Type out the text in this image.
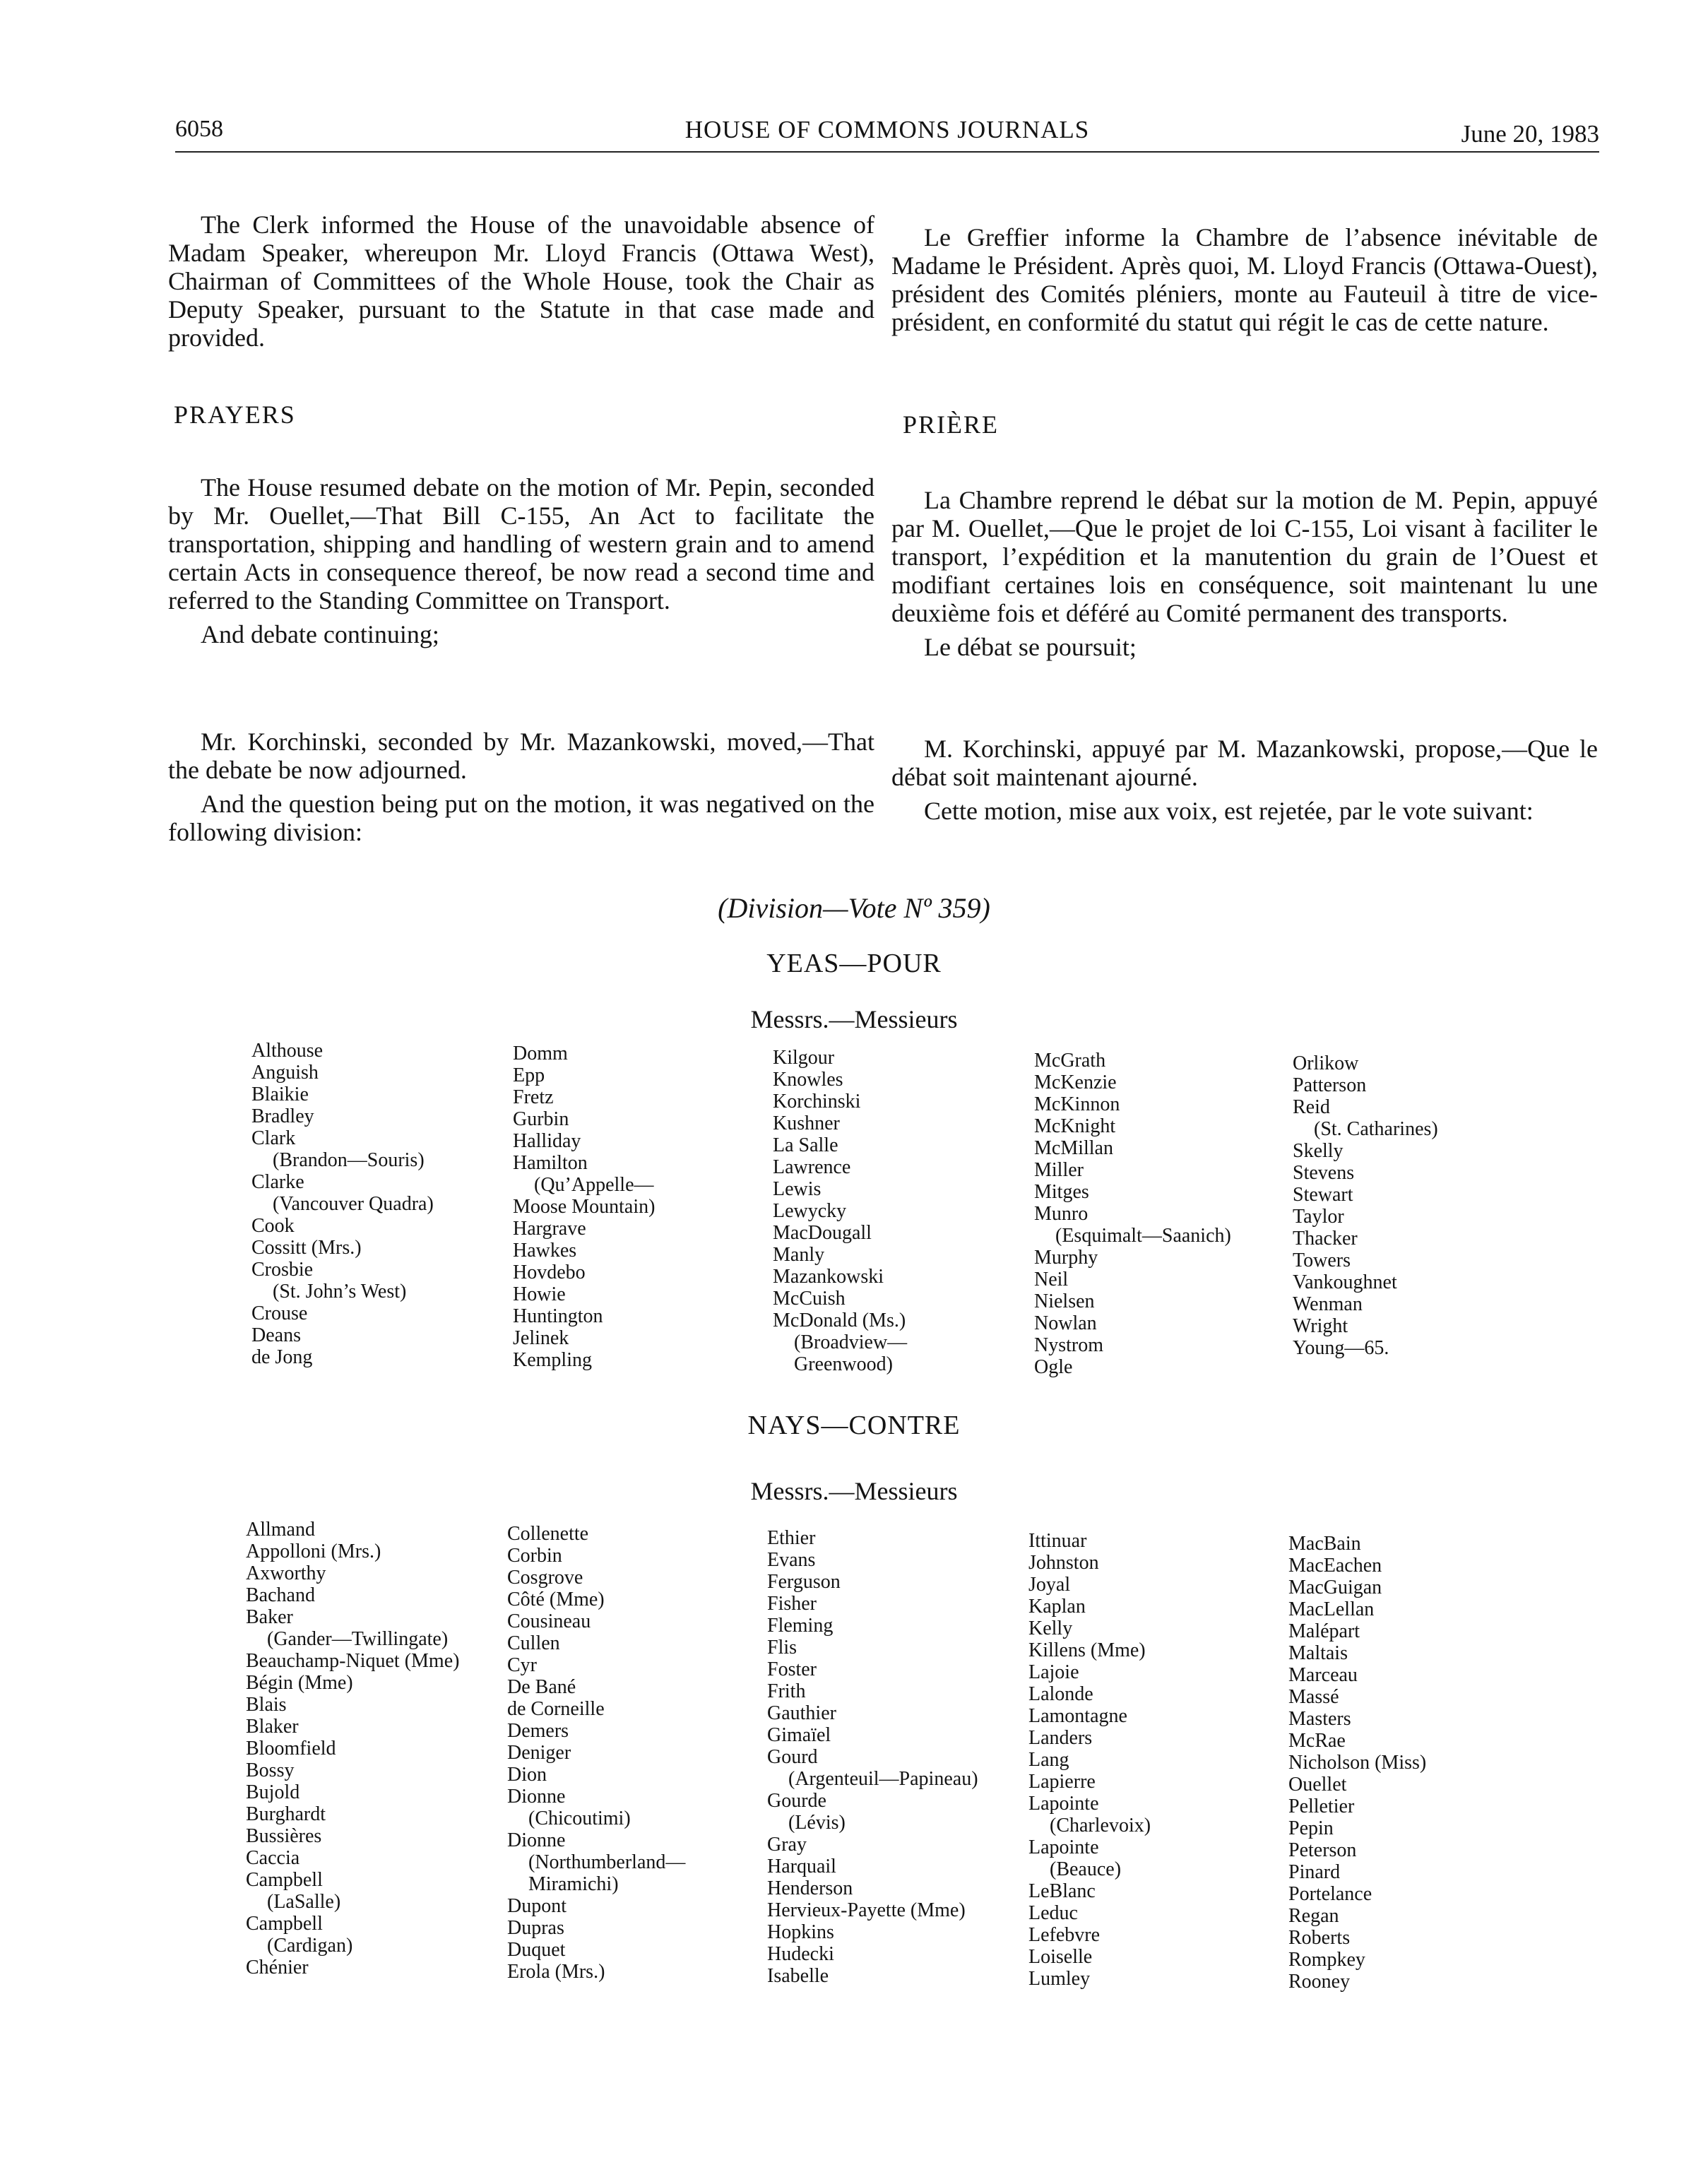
6058	HOUSE OF COMMONS JOURNALS	June 20, 1983

The Clerk informed the House of the unavoidable absence of Madam Speaker, whereupon Mr. Lloyd Francis (Ottawa West), Chairman of Committees of the Whole House, took the Chair as Deputy Speaker, pursuant to the Statute in that case made and provided.

PRAYERS

The House resumed debate on the motion of Mr. Pepin, seconded by Mr. Ouellet,—That Bill C-155, An Act to facilitate the transportation, shipping and handling of western grain and to amend certain Acts in consequence thereof, be now read a second time and referred to the Standing Committee on Transport.

And debate continuing;

Mr. Korchinski, seconded by Mr. Mazankowski, moved,—That the debate be now adjourned.

And the question being put on the motion, it was negatived on the following division:

Le Greffier informe la Chambre de l’absence inévitable de Madame le Président. Après quoi, M. Lloyd Francis (Ottawa-Ouest), président des Comités pléniers, monte au Fauteuil à titre de vice-président, en conformité du statut qui régit le cas de cette nature.

PRIÈRE

La Chambre reprend le débat sur la motion de M. Pepin, appuyé par M. Ouellet,—Que le projet de loi C-155, Loi visant à faciliter le transport, l’expédition et la manutention du grain de l’Ouest et modifiant certaines lois en conséquence, soit maintenant lu une deuxième fois et déféré au Comité permanent des transports.

Le débat se poursuit;

M. Korchinski, appuyé par M. Mazankowski, propose,—Que le débat soit maintenant ajourné.

Cette motion, mise aux voix, est rejetée, par le vote suivant:

(Division—Vote Nº 359)
YEAS—POUR
Messrs.—Messieurs
NAYS—CONTRE
Messrs.—Messieurs
Althouse
Anguish
Blaikie
Bradley
Clark
(Brandon—Souris)
Clarke
(Vancouver Quadra)
Cook
Cossitt (Mrs.)
Crosbie
(St. John’s West)
Crouse
Deans
de Jong
Domm
Epp
Fretz
Gurbin
Halliday
Hamilton
(Qu’Appelle—
Moose Mountain)
Hargrave
Hawkes
Hovdebo
Howie
Huntington
Jelinek
Kempling
Kilgour
Knowles
Korchinski
Kushner
La Salle
Lawrence
Lewis
Lewycky
MacDougall
Manly
Mazankowski
McCuish
McDonald (Ms.)
(Broadview—
Greenwood)
McGrath
McKenzie
McKinnon
McKnight
McMillan
Miller
Mitges
Munro
(Esquimalt—Saanich)
Murphy
Neil
Nielsen
Nowlan
Nystrom
Ogle
Orlikow
Patterson
Reid
(St. Catharines)
Skelly
Stevens
Stewart
Taylor
Thacker
Towers
Vankoughnet
Wenman
Wright
Young—65.
Allmand
Appolloni (Mrs.)
Axworthy
Bachand
Baker
(Gander—Twillingate)
Beauchamp-Niquet (Mme)
Bégin (Mme)
Blais
Blaker
Bloomfield
Bossy
Bujold
Burghardt
Bussières
Caccia
Campbell
(LaSalle)
Campbell
(Cardigan)
Chénier
Collenette
Corbin
Cosgrove
Côté (Mme)
Cousineau
Cullen
Cyr
De Bané
de Corneille
Demers
Deniger
Dion
Dionne
(Chicoutimi)
Dionne
(Northumberland—
Miramichi)
Dupont
Dupras
Duquet
Erola (Mrs.)
Ethier
Evans
Ferguson
Fisher
Fleming
Flis
Foster
Frith
Gauthier
Gimaïel
Gourd
(Argenteuil—Papineau)
Gourde
(Lévis)
Gray
Harquail
Henderson
Hervieux-Payette (Mme)
Hopkins
Hudecki
Isabelle
Ittinuar
Johnston
Joyal
Kaplan
Kelly
Killens (Mme)
Lajoie
Lalonde
Lamontagne
Landers
Lang
Lapierre
Lapointe
(Charlevoix)
Lapointe
(Beauce)
LeBlanc
Leduc
Lefebvre
Loiselle
Lumley
MacBain
MacEachen
MacGuigan
MacLellan
Malépart
Maltais
Marceau
Massé
Masters
McRae
Nicholson (Miss)
Ouellet
Pelletier
Pepin
Peterson
Pinard
Portelance
Regan
Roberts
Rompkey
Rooney
